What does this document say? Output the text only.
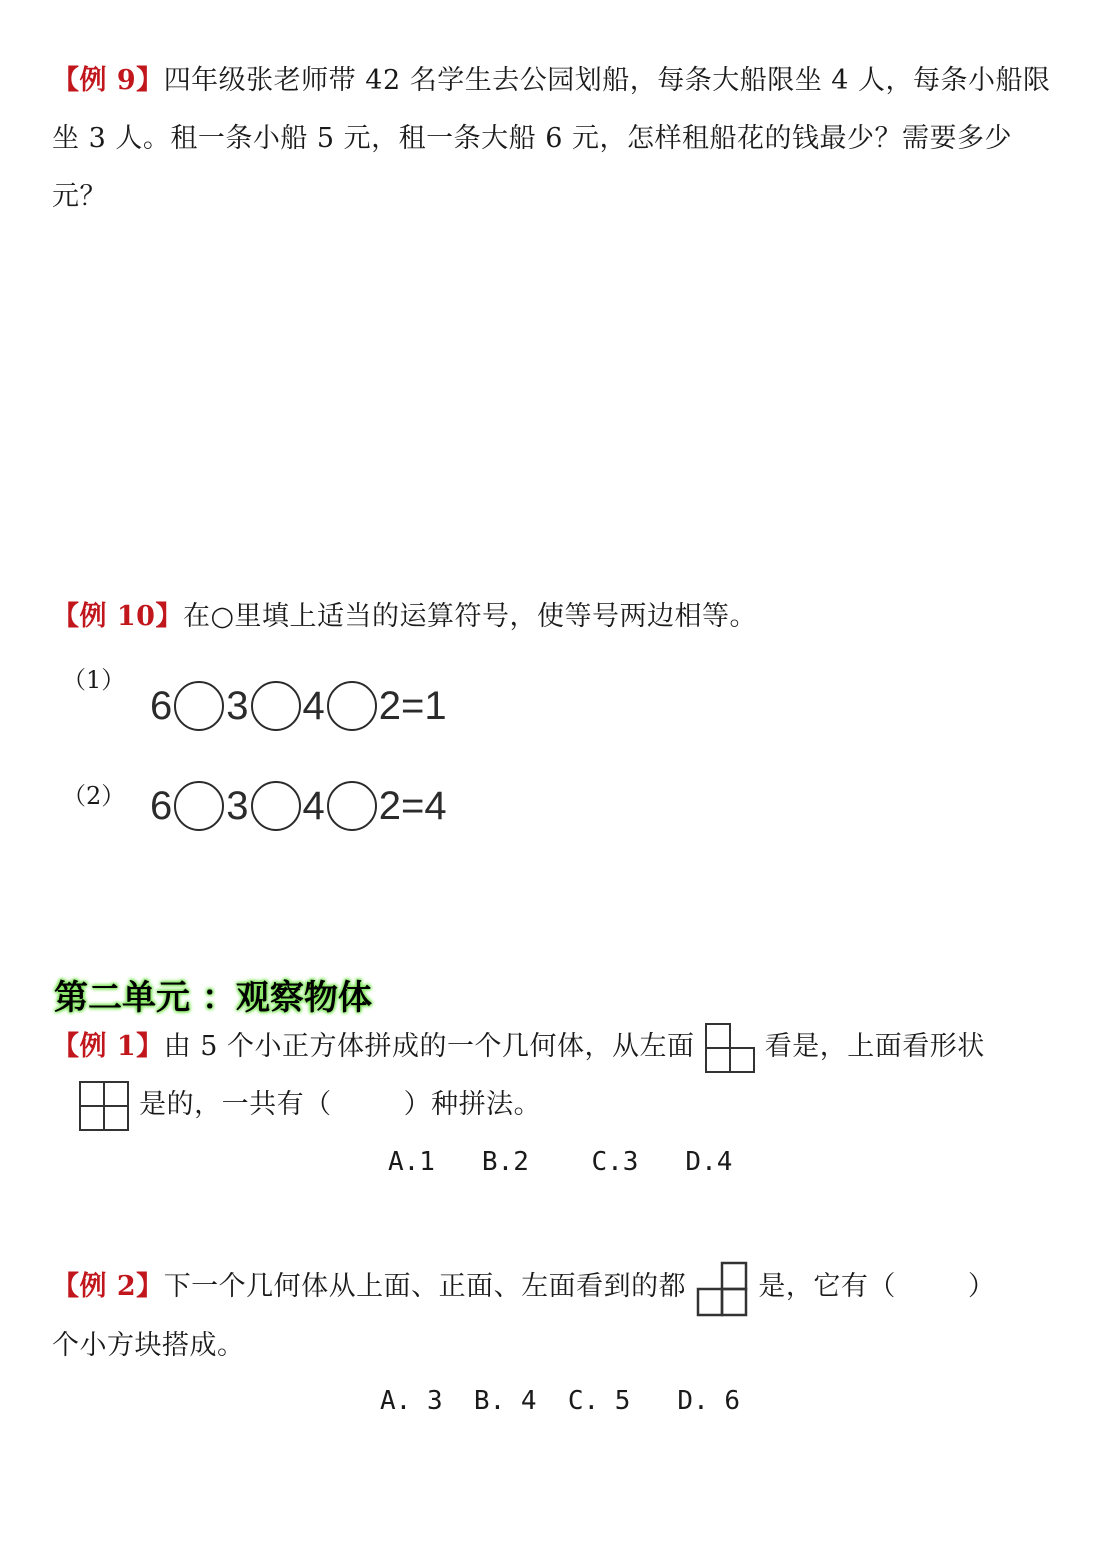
【例 9】四年级张老师带 42 名学生去公园划船，每条大船限坐 4 人，每条小船限坐 3 人。租一条小船 5 元，租一条大船 6 元，怎样租船花的钱最少？需要多少元？
【例 10】在○里填上适当的运算符号，使等号两边相等。
（1）
6 3 4 2 = 1
（2） 6 3 4 2 = 4
第二单元 ：观察物体
【例 1】由 5 个小正方体拼成的一个几何体，从左面	看是，上面看形状
是的，一共有（	）种拼法。
A.1   B.2    C.3   D.4
【例 2】下一个几何体从上面、正面、左面看到的都	是，它有（	）
个小方块搭成。
A. 3  B. 4  C. 5   D. 6
